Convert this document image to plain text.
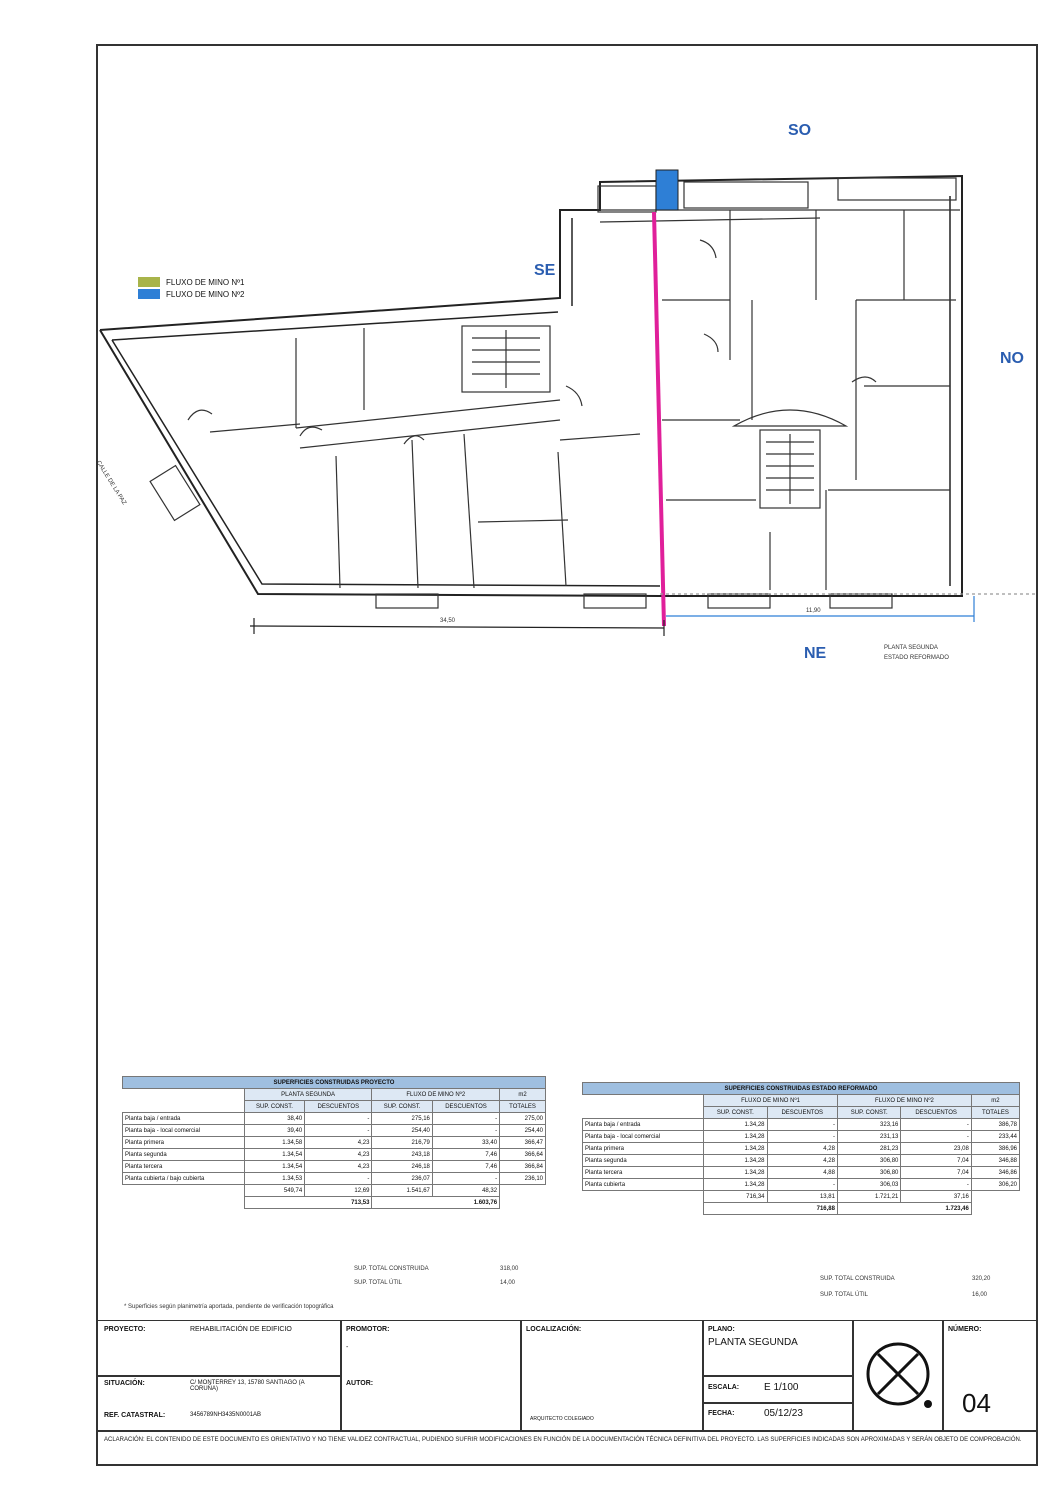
SO
SE
NO
NE
FLUXO DE MINO Nº1
FLUXO DE MINO Nº2
CALLE DE LA PAZ
34,50
11,90
PLANTA SEGUNDA
ESTADO REFORMADO
SUPERFICIES CONSTRUIDAS PROYECTO					
	PLANTA SEGUNDA		FLUXO DE MINO Nº2		m2
	SUP. CONST.	DESCUENTOS	SUP. CONST.	DESCUENTOS	TOTALES
Planta baja / entrada	38,40	-	275,16	-	275,00
Planta baja - local comercial	39,40	-	254,40	-	254,40
Planta primera	1.34,58	4,23	216,79	33,40	366,47
Planta segunda	1.34,54	4,23	243,18	7,46	366,64
Planta tercera	1.34,54	4,23	246,18	7,46	366,84
Planta cubierta / bajo cubierta	1.34,53	-	236,07	-	236,10
	549,74	12,69	1.541,67	48,32	
	713,53		1.603,76		
SUP. TOTAL CONSTRUIDA	318,00
SUP. TOTAL ÚTIL	14,00
* Superficies según planimetría aportada, pendiente de verificación topográfica
SUPERFICIES CONSTRUIDAS ESTADO REFORMADO					
	FLUXO DE MINO Nº1		FLUXO DE MINO Nº2		m2
	SUP. CONST.	DESCUENTOS	SUP. CONST.	DESCUENTOS	TOTALES
Planta baja / entrada	1.34,28	-	323,16	-	386,78
Planta baja - local comercial	1.34,28	-	231,13	-	233,44
Planta primera	1.34,28	4,28	281,23	23,08	386,96
Planta segunda	1.34,28	4,28	306,80	7,04	346,88
Planta tercera	1.34,28	4,88	306,80	7,04	346,86
Planta cubierta	1.34,28	-	306,03	-	306,20
	716,34	13,81	1.721,21	37,16	
	716,88		1.723,46		
SUP. TOTAL CONSTRUIDA	320,20
SUP. TOTAL ÚTIL	16,00
PROYECTO:	REHABILITACIÓN DE EDIFICIO
SITUACIÓN:	C/ MONTERREY 13, 15780 SANTIAGO (A CORUÑA)
REF. CATASTRAL:	3456789NH3435N0001AB
PROMOTOR:
-
AUTOR:
LOCALIZACIÓN:
ARQUITECTO COLEGIADO
PLANO:
PLANTA SEGUNDA
ESCALA: E 1/100
FECHA:	05/12/23
NÚMERO:
04
ACLARACIÓN: EL CONTENIDO DE ESTE DOCUMENTO ES ORIENTATIVO Y NO TIENE VALIDEZ CONTRACTUAL, PUDIENDO SUFRIR MODIFICACIONES EN FUNCIÓN DE LA DOCUMENTACIÓN TÉCNICA DEFINITIVA DEL PROYECTO. LAS SUPERFICIES INDICADAS SON APROXIMADAS Y SERÁN OBJETO DE COMPROBACIÓN.
